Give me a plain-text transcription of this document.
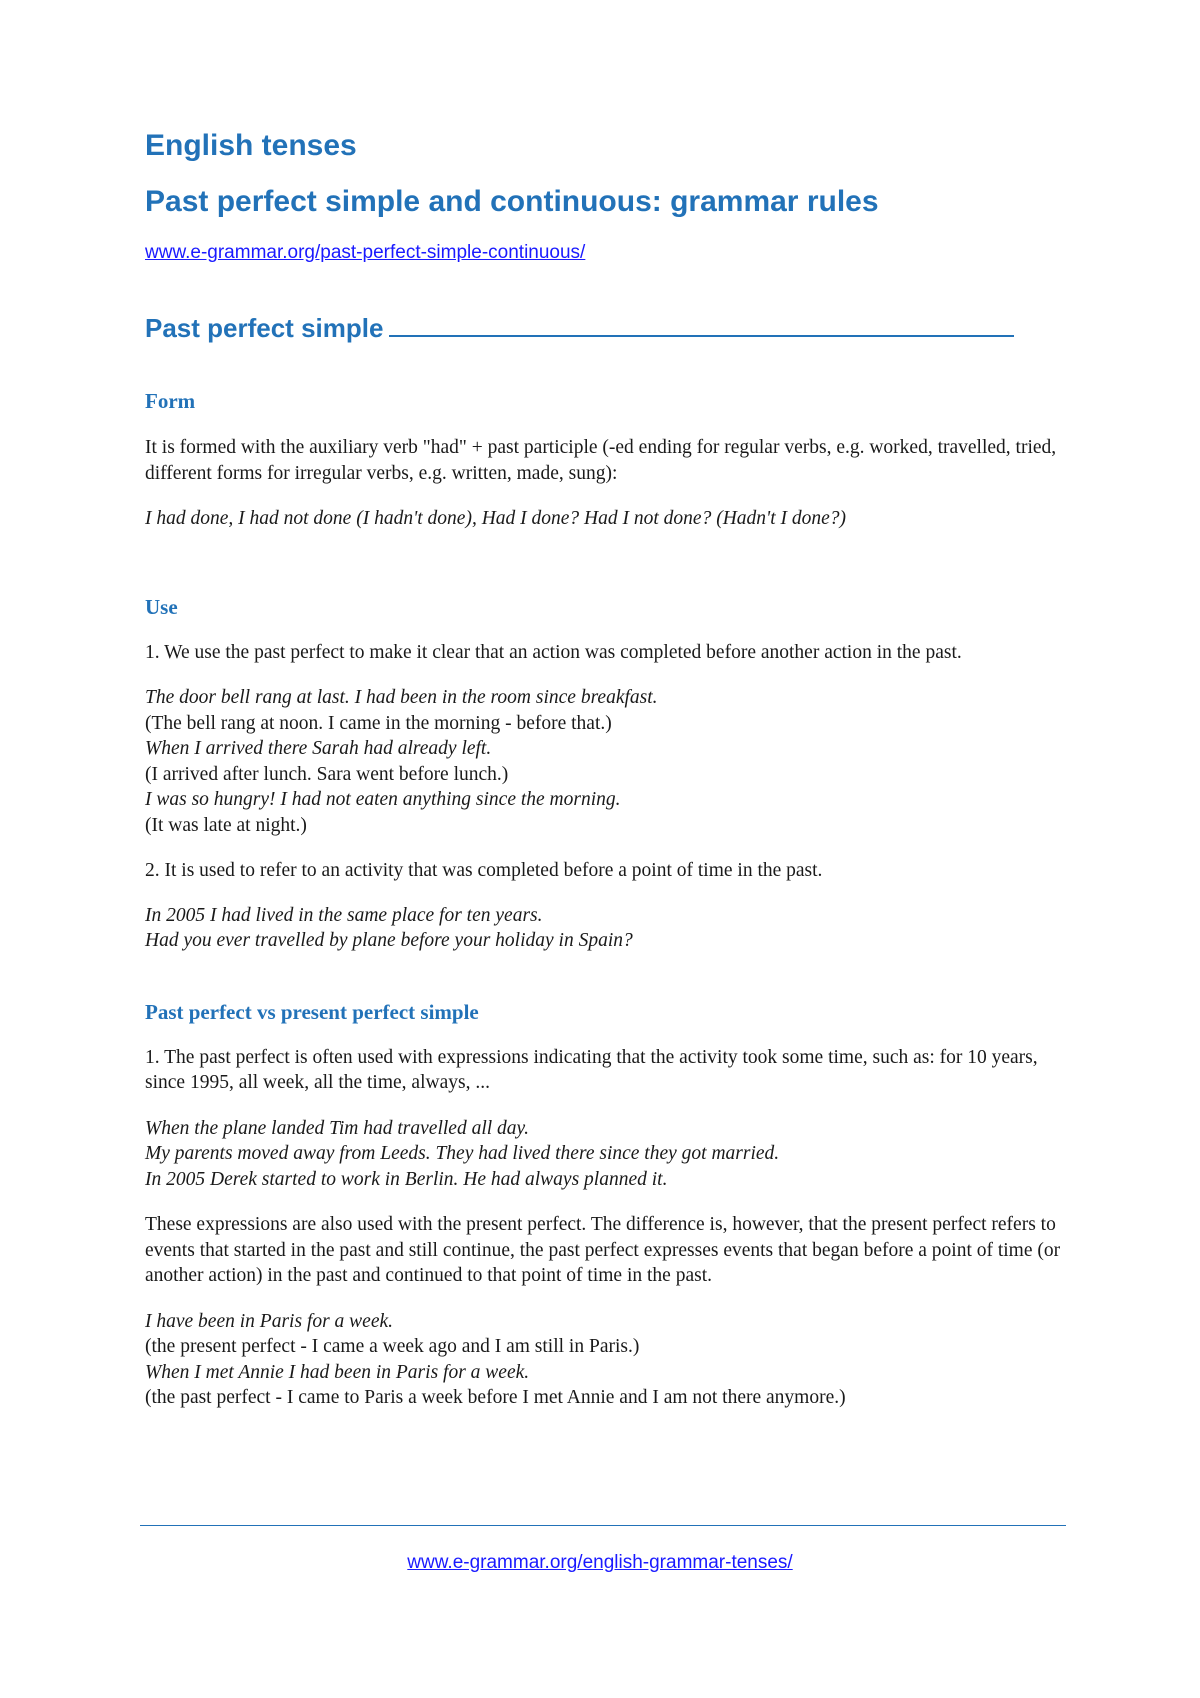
English tenses
Past perfect simple and continuous: grammar rules
www.e-grammar.org/past-perfect-simple-continuous/
Past perfect simple
Form

It is formed with the auxiliary verb "had" + past participle (-ed ending for regular verbs, e.g. worked, travelled, tried, different forms for irregular verbs, e.g. written, made, sung):

I had done, I had not done (I hadn't done), Had I done? Had I not done? (Hadn't I done?)

Use

1. We use the past perfect to make it clear that an action was completed before another action in the past.

The door bell rang at last. I had been in the room since breakfast.

(The bell rang at noon. I came in the morning - before that.)

When I arrived there Sarah had already left.

(I arrived after lunch. Sara went before lunch.)

I was so hungry! I had not eaten anything since the morning.

(It was late at night.)

2. It is used to refer to an activity that was completed before a point of time in the past.

In 2005 I had lived in the same place for ten years.

Had you ever travelled by plane before your holiday in Spain?

Past perfect vs present perfect simple

1. The past perfect is often used with expressions indicating that the activity took some time, such as: for 10 years, since 1995, all week, all the time, always, ...

When the plane landed Tim had travelled all day.

My parents moved away from Leeds. They had lived there since they got married.

In 2005 Derek started to work in Berlin. He had always planned it.

These expressions are also used with the present perfect. The difference is, however, that the present perfect refers to events that started in the past and still continue, the past perfect expresses events that began before a point of time (or another action) in the past and continued to that point of time in the past.

I have been in Paris for a week.

(the present perfect - I came a week ago and I am still in Paris.)

When I met Annie I had been in Paris for a week.

(the past perfect - I came to Paris a week before I met Annie and I am not there anymore.)

www.e-grammar.org/english-grammar-tenses/
